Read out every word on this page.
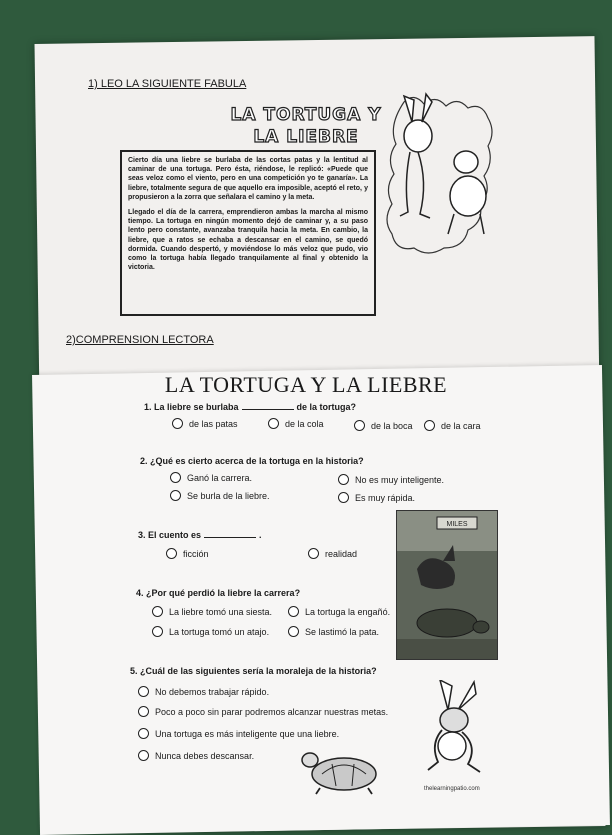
1) LEO LA SIGUIENTE FABULA
LA TORTUGA Y
LA LIEBRE

Cierto día una liebre se burlaba de las cortas patas y la lentitud al caminar de una tortuga. Pero ésta, riéndose, le replicó: «Puede que seas veloz como el viento, pero en una competición yo te ganaría». La liebre, totalmente segura de que aquello era imposible, aceptó el reto, y propusieron a la zorra que señalara el camino y la meta.

Llegado el día de la carrera, emprendieron ambas la marcha al mismo tiempo. La tortuga en ningún momento dejó de caminar y, a su paso lento pero constante, avanzaba tranquila hacia la meta. En cambio, la liebre, que a ratos se echaba a descansar en el camino, se quedó dormida. Cuando despertó, y moviéndose lo más veloz que pudo, vio como la tortuga había llegado tranquilamente al final y obtenido la victoria.

2)COMPRENSION LECTORA
LA TORTUGA Y LA LIEBRE
1. La liebre se burlaba	de la tortuga?
de las patas	de la cola	de la boca	de la cara
2. ¿Qué es cierto acerca de la tortuga en la historia?
Ganó la carrera.	No es muy inteligente.
Se burla de la liebre.	Es muy rápida.
3. El cuento es	.
ficción	realidad
MILES
4. ¿Por qué perdió la liebre la carrera?
La liebre tomó una siesta.	La tortuga la engañó.
La tortuga tomó un atajo.	Se lastimó la pata.
5. ¿Cuál de las siguientes sería la moraleja de la historia?
No debemos trabajar rápido.
Poco a poco sin parar podremos alcanzar nuestras metas.
Una tortuga es más inteligente que una liebre.
Nunca debes descansar.
thelearningpatio.com
